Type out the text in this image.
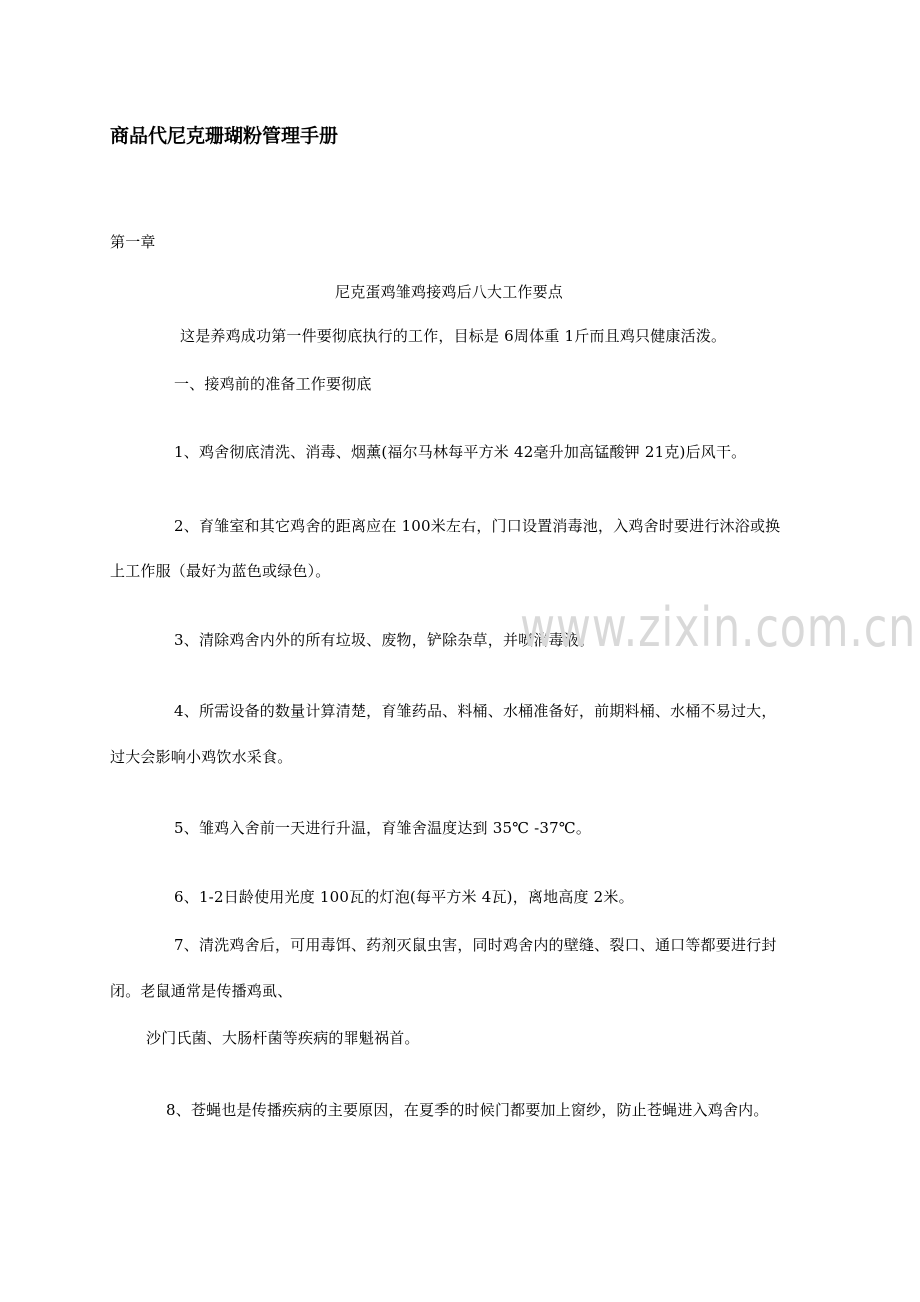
商品代尼克珊瑚粉管理手册
第一章
尼克蛋鸡雏鸡接鸡后八大工作要点
这是养鸡成功第一件要彻底执行的工作，目标是 6周体重 1斤而且鸡只健康活泼。
一、接鸡前的准备工作要彻底
1、鸡舍彻底清洗、消毒、烟薰(福尔马林每平方米 42毫升加高锰酸钾 21克)后风干。
2、育雏室和其它鸡舍的距离应在 100米左右，门口设置消毒池，入鸡舍时要进行沐浴或换
上工作服（最好为蓝色或绿色）。
3、清除鸡舍内外的所有垃圾、废物，铲除杂草，并喷消毒液。
4、所需设备的数量计算清楚，育雏药品、料桶、水桶准备好，前期料桶、水桶不易过大，
过大会影响小鸡饮水采食。
5、雏鸡入舍前一天进行升温，育雏舍温度达到 35℃ -37℃。
6、1-2日龄使用光度 100瓦的灯泡(每平方米 4瓦)，离地高度 2米。
7、清洗鸡舍后，可用毒饵、药剂灭鼠虫害，同时鸡舍内的壁缝、裂口、通口等都要进行封
闭。老鼠通常是传播鸡虱、
沙门氏菌、大肠杆菌等疾病的罪魁祸首。
8、苍蝇也是传播疾病的主要原因，在夏季的时候门都要加上窗纱，防止苍蝇进入鸡舍内。
www.zixin.com.cn
